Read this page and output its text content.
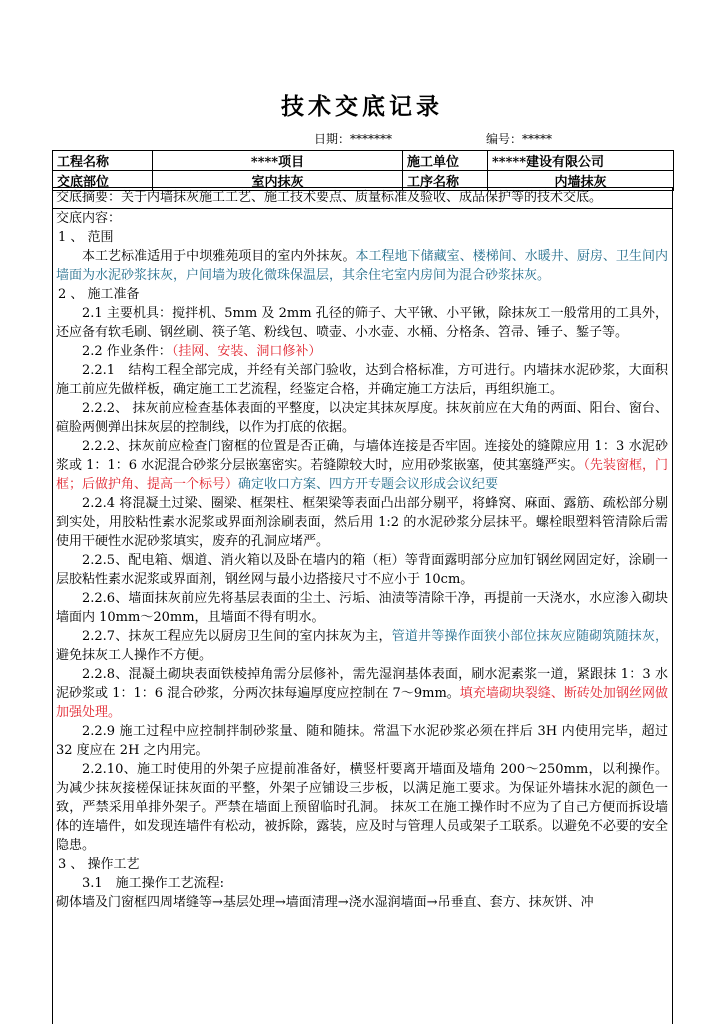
技术交底记录
日期：*******	编号：*****
工程名称	****项目	施工单位	*****建设有限公司
交底部位	室内抹灰	工序名称	内墙抹灰
交底摘要：关于内墙抹灰施工工艺、施工技术要点、质量标准及验收、成品保护等的技术交底。

交底内容：

1 、 范围

本工艺标准适用于中坝雅苑项目的室内外抹灰。本工程地下储藏室、楼梯间、水暖井、厨房、卫生间内墙面为水泥砂浆抹灰，户间墙为玻化微珠保温层，其余住宅室内房间为混合砂浆抹灰。

2 、 施工准备

2.1 主要机具：搅拌机、5mm 及 2mm 孔径的筛子、大平锹、小平锹，除抹灰工一般常用的工具外，还应备有软毛刷、钢丝刷、筷子笔、粉线包、喷壶、小水壶、水桶、分格条、笤帚、锤子、錾子等。

2.2 作业条件：（挂网、安装、洞口修补）

2.2.1　结构工程全部完成，并经有关部门验收，达到合格标准，方可进行。内墙抹水泥砂浆，大面积施工前应先做样板，确定施工工艺流程，经鉴定合格，并确定施工方法后，再组织施工。

2.2.2、 抹灰前应检查基体表面的平整度，以决定其抹灰厚度。抹灰前应在大角的两面、阳台、窗台、碹脸两侧弹出抹灰层的控制线，以作为打底的依据。

2.2.2、抹灰前应检查门窗框的位置是否正确，与墙体连接是否牢固。连接处的缝隙应用 1：3 水泥砂浆或 1：1：6 水泥混合砂浆分层嵌塞密实。若缝隙较大时，应用砂浆嵌塞，使其塞缝严实。（先装窗框，门框；后做护角、提高一个标号）确定收口方案、四方开专题会议形成会议纪要

2.2.4 将混凝土过梁、圈梁、框架柱、框架梁等表面凸出部分剔平，将蜂窝、麻面、露筋、疏松部分剔到实处，用胶粘性素水泥浆或界面剂涂刷表面，然后用 1:2 的水泥砂浆分层抹平。螺栓眼塑料管清除后需使用干硬性水泥砂浆填实，废弃的孔洞应堵严。

2.2.5、配电箱、烟道、消火箱以及卧在墙内的箱（柜）等背面露明部分应加钉钢丝网固定好，涂刷一层胶粘性素水泥浆或界面剂，钢丝网与最小边搭接尺寸不应小于 10cm。

2.2.6、墙面抹灰前应先将基层表面的尘土、污垢、油渍等清除干净，再提前一天浇水，水应渗入砌块墙面内 10mm～20mm，且墙面不得有明水。

2.2.7、抹灰工程应先以厨房卫生间的室内抹灰为主，管道井等操作面狭小部位抹灰应随砌筑随抹灰，避免抹灰工人操作不方便。

2.2.8、混凝土砌块表面铁棱掉角需分层修补，需先湿润基体表面，刷水泥素浆一道，紧跟抹 1：3 水泥砂浆或 1：1：6 混合砂浆，分两次抹每遍厚度应控制在 7～9mm。填充墙砌块裂缝、断砖处加钢丝网做加强处理。

2.2.9 施工过程中应控制拌制砂浆量、随和随抹。常温下水泥砂浆必须在拌后 3H 内使用完毕，超过 32 度应在 2H 之内用完。

2.2.10、施工时使用的外架子应提前准备好，横竖杆要离开墙面及墙角 200～250mm，以利操作。为减少抹灰接槎保证抹灰面的平整，外架子应铺设三步板，以满足施工要求。为保证外墙抹水泥的颜色一致，严禁采用单排外架子。严禁在墙面上预留临时孔洞。 抹灰工在施工操作时不应为了自己方便而拆设墙体的连墙件，如发现连墙件有松动，被拆除，露装，应及时与管理人员或架子工联系。以避免不必要的安全隐患。

3 、 操作工艺

3.1　施工操作工艺流程:

砌体墙及门窗框四周堵缝等→基层处理→墙面清理→浇水湿润墙面→吊垂直、套方、抹灰饼、冲
